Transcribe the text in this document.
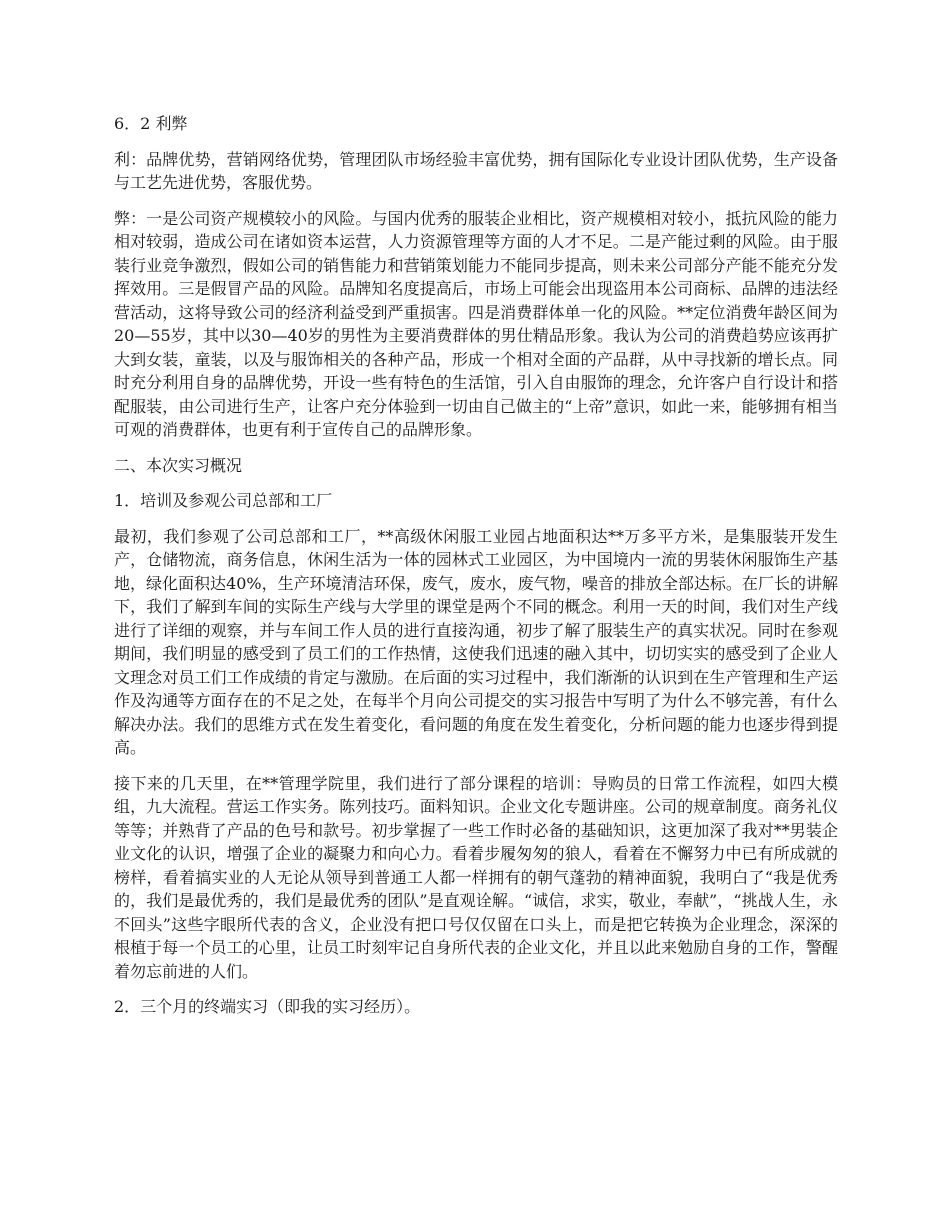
6．2 利弊

利：品牌优势，营销网络优势，管理团队市场经验丰富优势，拥有国际化专业设计团队优势，生产设备与工艺先进优势，客服优势。

弊：一是公司资产规模较小的风险。与国内优秀的服装企业相比，资产规模相对较小，抵抗风险的能力相对较弱，造成公司在诸如资本运营，人力资源管理等方面的人才不足。二是产能过剩的风险。由于服装行业竞争激烈，假如公司的销售能力和营销策划能力不能同步提高，则未来公司部分产能不能充分发挥效用。三是假冒产品的风险。品牌知名度提高后，市场上可能会出现盗用本公司商标、品牌的违法经营活动，这将导致公司的经济利益受到严重损害。四是消费群体单一化的风险。**定位消费年龄区间为20—55岁，其中以30—40岁的男性为主要消费群体的男仕精品形象。我认为公司的消费趋势应该再扩大到女装，童装，以及与服饰相关的各种产品，形成一个相对全面的产品群，从中寻找新的增长点。同时充分利用自身的品牌优势，开设一些有特色的生活馆，引入自由服饰的理念，允许客户自行设计和搭配服装，由公司进行生产，让客户充分体验到一切由自己做主的“上帝”意识，如此一来，能够拥有相当可观的消费群体，也更有利于宣传自己的品牌形象。

二、本次实习概况

1．培训及参观公司总部和工厂

最初，我们参观了公司总部和工厂，**高级休闲服工业园占地面积达**万多平方米，是集服装开发生产，仓储物流，商务信息，休闲生活为一体的园林式工业园区，为中国境内一流的男装休闲服饰生产基地，绿化面积达40%，生产环境清洁环保，废气，废水，废气物，噪音的排放全部达标。在厂长的讲解下，我们了解到车间的实际生产线与大学里的课堂是两个不同的概念。利用一天的时间，我们对生产线进行了详细的观察，并与车间工作人员的进行直接沟通，初步了解了服装生产的真实状况。同时在参观期间，我们明显的感受到了员工们的工作热情，这使我们迅速的融入其中，切切实实的感受到了企业人文理念对员工们工作成绩的肯定与激励。在后面的实习过程中，我们渐渐的认识到在生产管理和生产运作及沟通等方面存在的不足之处，在每半个月向公司提交的实习报告中写明了为什么不够完善，有什么解决办法。我们的思维方式在发生着变化，看问题的角度在发生着变化，分析问题的能力也逐步得到提高。

接下来的几天里，在**管理学院里，我们进行了部分课程的培训：导购员的日常工作流程，如四大模组，九大流程。营运工作实务。陈列技巧。面料知识。企业文化专题讲座。公司的规章制度。商务礼仪等等；并熟背了产品的色号和款号。初步掌握了一些工作时必备的基础知识，这更加深了我对**男装企业文化的认识，增强了企业的凝聚力和向心力。看着步履匆匆的狼人，看着在不懈努力中已有所成就的榜样，看着搞实业的人无论从领导到普通工人都一样拥有的朝气蓬勃的精神面貌，我明白了“我是优秀的，我们是最优秀的，我们是最优秀的团队”是直观诠解。“诚信，求实，敬业，奉献”，“挑战人生，永不回头”这些字眼所代表的含义，企业没有把口号仅仅留在口头上，而是把它转换为企业理念，深深的根植于每一个员工的心里，让员工时刻牢记自身所代表的企业文化，并且以此来勉励自身的工作，警醒着勿忘前进的人们。

2．三个月的终端实习（即我的实习经历）。
